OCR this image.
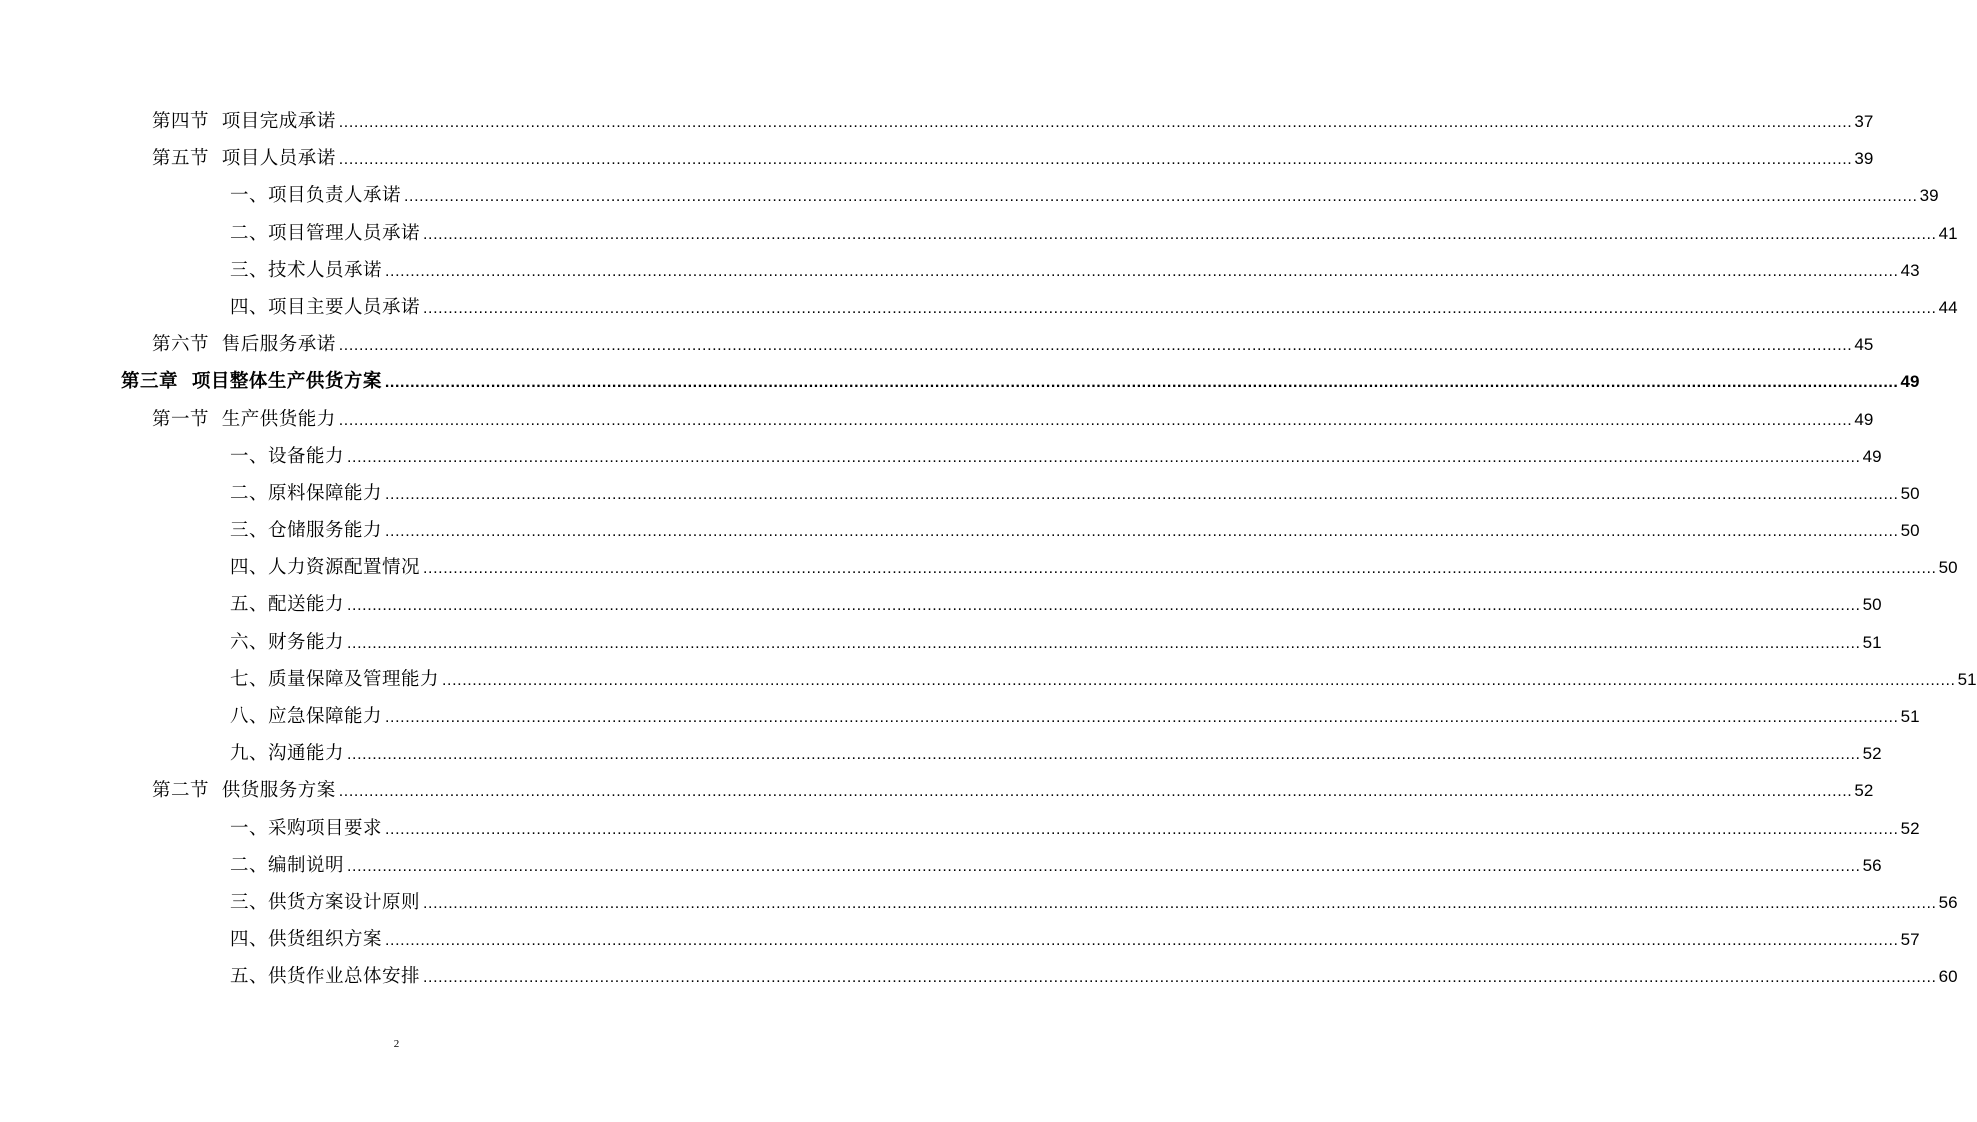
第四节  项目完成承诺 ............................................................................................................................................................................................................................................................................................................ 37
第五节  项目人员承诺 ............................................................................................................................................................................................................................................................................................................ 39
一、项目负责人承诺 ............................................................................................................................................................................................................................................................................................................ 39
二、项目管理人员承诺 ............................................................................................................................................................................................................................................................................................................ 41
三、技术人员承诺 ............................................................................................................................................................................................................................................................................................................ 43
四、项目主要人员承诺 ............................................................................................................................................................................................................................................................................................................ 44
第六节  售后服务承诺 ............................................................................................................................................................................................................................................................................................................ 45
第三章  项目整体生产供货方案 ............................................................................................................................................................................................................................................................................................................ 49
第一节  生产供货能力 ............................................................................................................................................................................................................................................................................................................ 49
一、设备能力 ............................................................................................................................................................................................................................................................................................................ 49
二、原料保障能力 ............................................................................................................................................................................................................................................................................................................ 50
三、仓储服务能力 ............................................................................................................................................................................................................................................................................................................ 50
四、人力资源配置情况 ............................................................................................................................................................................................................................................................................................................ 50
五、配送能力 ............................................................................................................................................................................................................................................................................................................ 50
六、财务能力 ............................................................................................................................................................................................................................................................................................................ 51
七、质量保障及管理能力 ............................................................................................................................................................................................................................................................................................................ 51
八、应急保障能力 ............................................................................................................................................................................................................................................................................................................ 51
九、沟通能力 ............................................................................................................................................................................................................................................................................................................ 52
第二节  供货服务方案 ............................................................................................................................................................................................................................................................................................................ 52
一、采购项目要求 ............................................................................................................................................................................................................................................................................................................ 52
二、编制说明 ............................................................................................................................................................................................................................................................................................................ 56
三、供货方案设计原则 ............................................................................................................................................................................................................................................................................................................ 56
四、供货组织方案 ............................................................................................................................................................................................................................................................................................................ 57
五、供货作业总体安排 ............................................................................................................................................................................................................................................................................................................ 60
2
